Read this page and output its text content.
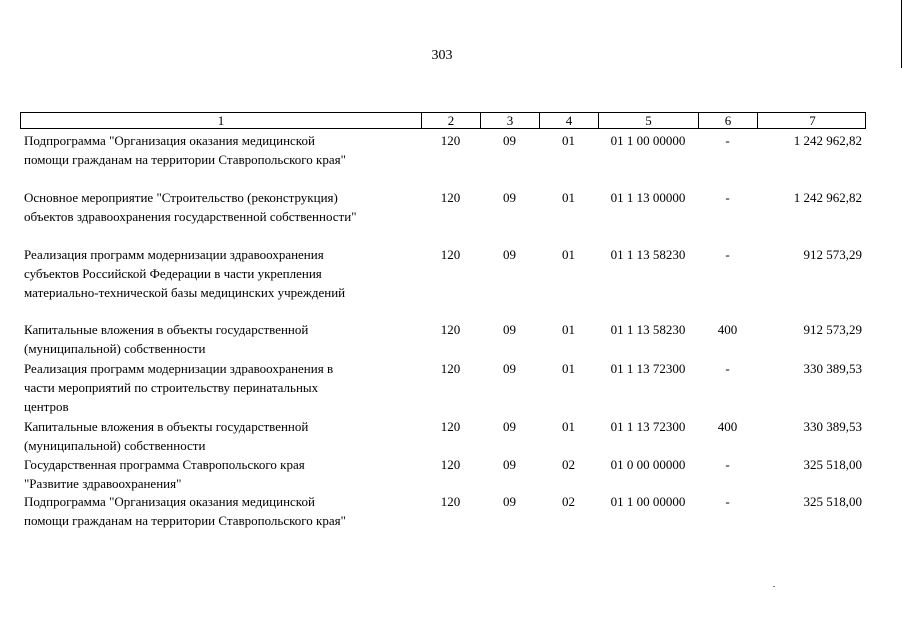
303
1	2	3	4	5	6	7
Подпрограмма "Организация оказания медицинской
помощи гражданам на территории Ставропольского края"
120	09	01	01 1 00 00000	-	1 242 962,82
Основное мероприятие "Строительство (реконструкция)
объектов здравоохранения государственной собственности"
120	09	01	01 1 13 00000	-	1 242 962,82
Реализация программ модернизации здравоохранения
субъектов Российской Федерации в части укрепления
материально-технической базы медицинских учреждений
120	09	01	01 1 13 58230	-	912 573,29
Капитальные вложения в объекты государственной
(муниципальной) собственности
120	09	01	01 1 13 58230	400	912 573,29
Реализация программ модернизации здравоохранения в
части мероприятий по строительству перинатальных
центров
120	09	01	01 1 13 72300	-	330 389,53
Капитальные вложения в объекты государственной
(муниципальной) собственности
120	09	01	01 1 13 72300	400	330 389,53
Государственная программа Ставропольского края
"Развитие здравоохранения"
120	09	02	01 0 00 00000	-	325 518,00
Подпрограмма "Организация оказания медицинской
помощи гражданам на территории Ставропольского края"
120	09	02	01 1 00 00000	-	325 518,00
